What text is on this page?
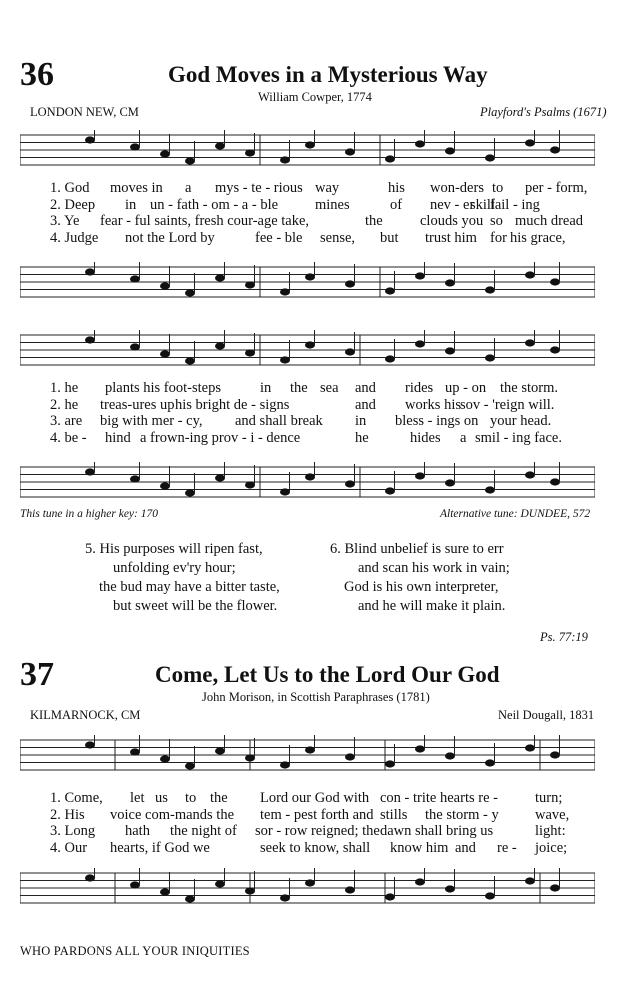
36	God Moves in a Mysterious Way
William Cowper, 1774
LONDON NEW, CM	Playford's Psalms (1671)
1. God moves in a mys - te - rious way	his won-ders to per - form,
2. Deep in un - fath - om - a - ble	mines	of nev - er fail - ing
skill
3. Ye fear - ful saints, fresh cour-age take,	the	clouds you so much dread
4. Judge not the Lord by	fee - ble sense, but trust him for his grace,
1. he plants his foot-steps	in the sea and rides up - on the storm.
2. he treas-ures up his bright de - signs	and works his sov - 'reign will.
3. are big with mer - cy, and shall break in bless - ings on your head.
4. be - hind a frown-ing prov - i - dence	he	hides a smil - ing face.
This tune in a higher key: 170	Alternative tune: DUNDEE, 572
5. His purposes will ripen fast,
unfolding ev'ry hour;
the bud may have a bitter taste,
but sweet will be the flower.
6. Blind unbelief is sure to err
and scan his work in vain;
God is his own interpreter,
and he will make it plain.
Ps. 77:19
37	Come, Let Us to the Lord Our God
John Morison, in Scottish Paraphrases (1781)
KILMARNOCK, CM	Neil Dougall, 1831
1. Come, let us to the Lord our God with con - trite hearts re -	turn;
2. His voice com-mands the tem - pest forth and stills the storm - y	wave,
3. Long hath the night of sor - row reigned; the dawn shall bring us	light:
4. Our hearts, if God we	seek to know, shall know him and re - joice;
WHO PARDONS ALL YOUR INIQUITIES
